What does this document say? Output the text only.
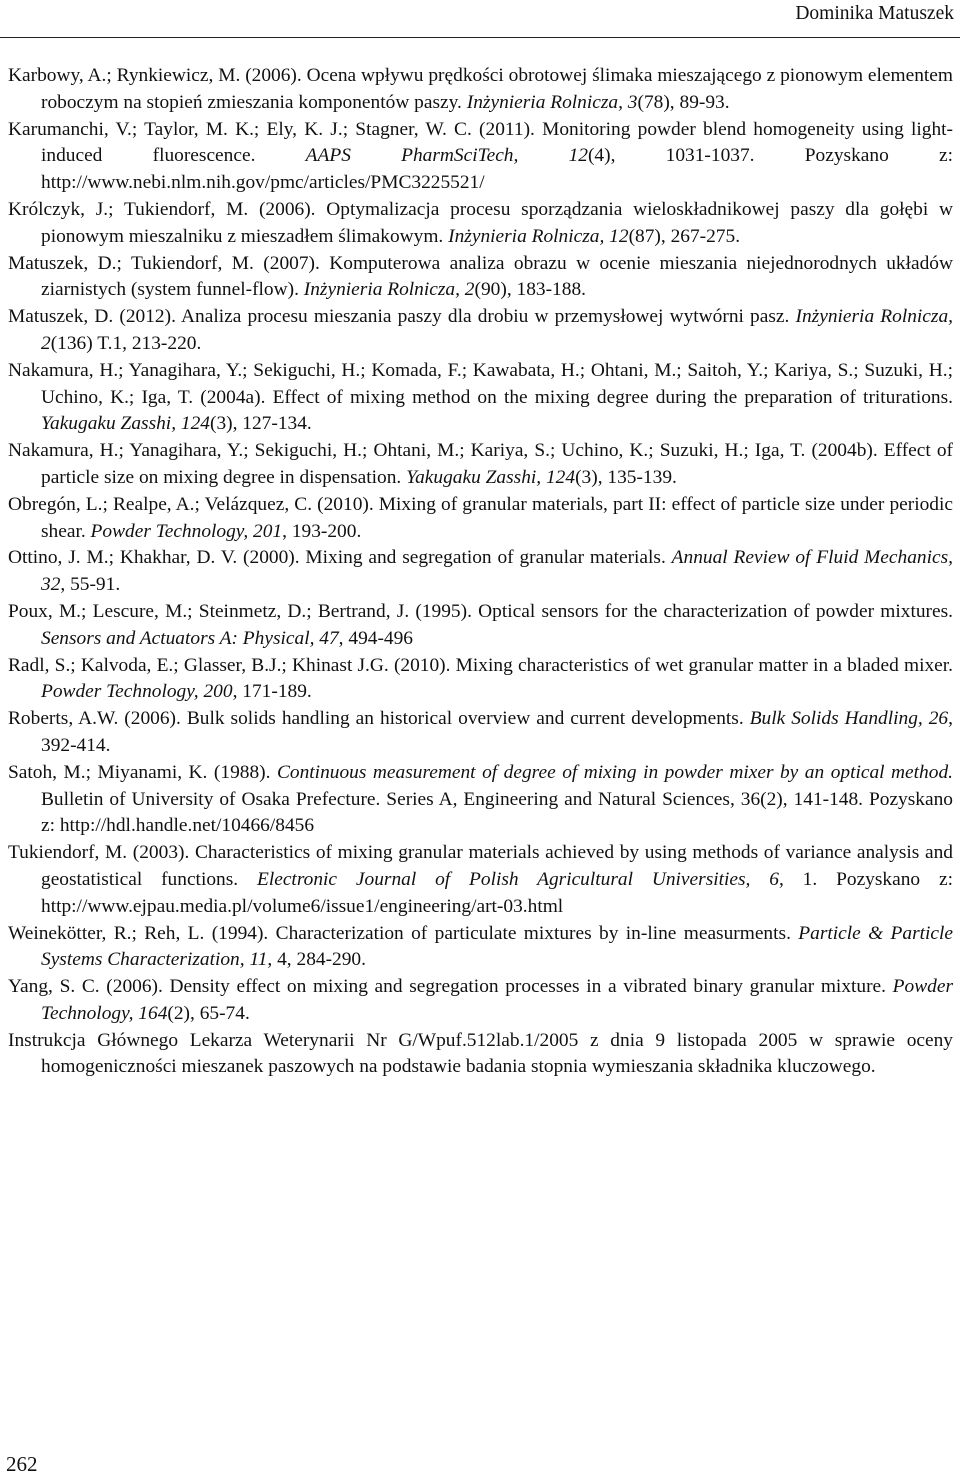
Dominika Matuszek

Karbowy, A.; Rynkiewicz, M. (2006). Ocena wpływu prędkości obrotowej ślimaka mieszającego z pionowym elementem roboczym na stopień zmieszania komponentów paszy. Inżynieria Rolnicza, 3(78), 89-93.

Karumanchi, V.; Taylor, M. K.; Ely, K. J.; Stagner, W. C. (2011). Monitoring powder blend homogeneity using light-induced fluorescence. AAPS PharmSciTech, 12(4), 1031-1037. Pozyskano z: http://www.nebi.nlm.nih.gov/pmc/articles/PMC3225521/

Królczyk, J.; Tukiendorf, M. (2006). Optymalizacja procesu sporządzania wieloskładnikowej paszy dla gołębi w pionowym mieszalniku z mieszadłem ślimakowym. Inżynieria Rolnicza, 12(87), 267-275.

Matuszek, D.; Tukiendorf, M. (2007). Komputerowa analiza obrazu w ocenie mieszania niejednorodnych układów ziarnistych (system funnel-flow). Inżynieria Rolnicza, 2(90), 183-188.

Matuszek, D. (2012). Analiza procesu mieszania paszy dla drobiu w przemysłowej wytwórni pasz. Inżynieria Rolnicza, 2(136) T.1, 213-220.

Nakamura, H.; Yanagihara, Y.; Sekiguchi, H.; Komada, F.; Kawabata, H.; Ohtani, M.; Saitoh, Y.; Kariya, S.; Suzuki, H.; Uchino, K.; Iga, T. (2004a). Effect of mixing method on the mixing degree during the preparation of triturations. Yakugaku Zasshi, 124(3), 127-134.

Nakamura, H.; Yanagihara, Y.; Sekiguchi, H.; Ohtani, M.; Kariya, S.; Uchino, K.; Suzuki, H.; Iga, T. (2004b). Effect of particle size on mixing degree in dispensation. Yakugaku Zasshi, 124(3), 135-139.

Obregón, L.; Realpe, A.; Velázquez, C. (2010). Mixing of granular materials, part II: effect of particle size under periodic shear. Powder Technology, 201, 193-200.

Ottino, J. M.; Khakhar, D. V. (2000). Mixing and segregation of granular materials. Annual Review of Fluid Mechanics, 32, 55-91.

Poux, M.; Lescure, M.; Steinmetz, D.; Bertrand, J. (1995). Optical sensors for the characterization of powder mixtures. Sensors and Actuators A: Physical, 47, 494-496

Radl, S.; Kalvoda, E.; Glasser, B.J.; Khinast J.G. (2010). Mixing characteristics of wet granular matter in a bladed mixer. Powder Technology, 200, 171-189.

Roberts, A.W. (2006). Bulk solids handling an historical overview and current developments. Bulk Solids Handling, 26, 392-414.

Satoh, M.; Miyanami, K. (1988). Continuous measurement of degree of mixing in powder mixer by an optical method. Bulletin of University of Osaka Prefecture. Series A, Engineering and Natural Sciences, 36(2), 141-148. Pozyskano z: http://hdl.handle.net/10466/8456

Tukiendorf, M. (2003). Characteristics of mixing granular materials achieved by using methods of variance analysis and geostatistical functions. Electronic Journal of Polish Agricultural Universities, 6, 1. Pozyskano z: http://www.ejpau.media.pl/volume6/issue1/engineering/art-03.html

Weinekötter, R.; Reh, L. (1994). Characterization of particulate mixtures by in-line measurments. Particle & Particle Systems Characterization, 11, 4, 284-290.

Yang, S. C. (2006). Density effect on mixing and segregation processes in a vibrated binary granular mixture. Powder Technology, 164(2), 65-74.

Instrukcja Głównego Lekarza Weterynarii Nr G/Wpuf.512lab.1/2005 z dnia 9 listopada 2005 w sprawie oceny homogeniczności mieszanek paszowych na podstawie badania stopnia wymieszania składnika kluczowego.

262
